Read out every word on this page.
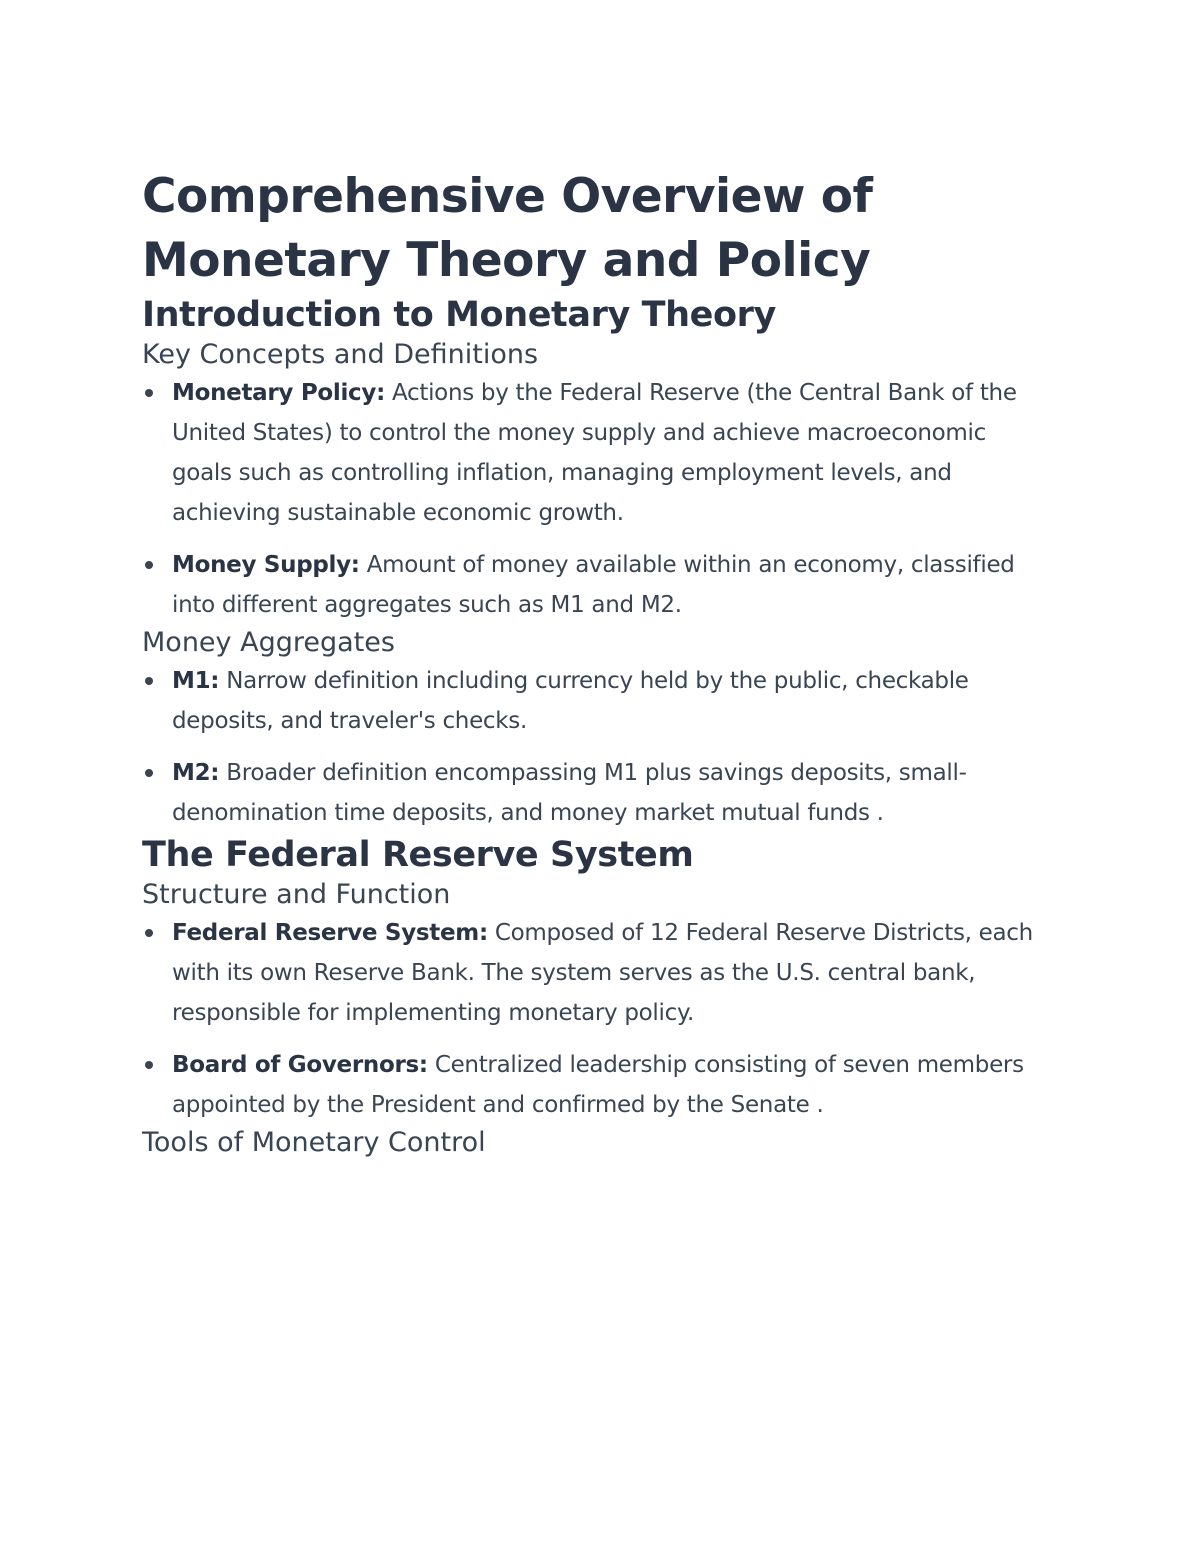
Comprehensive Overview of Monetary Theory and Policy
Introduction to Monetary Theory
Key Concepts and Definitions
Monetary Policy: Actions by the Federal Reserve (the Central Bank of the United States) to control the money supply and achieve macroeconomic goals such as controlling inflation, managing employment levels, and achieving sustainable economic growth.
Money Supply: Amount of money available within an economy, classified into different aggregates such as M1 and M2.
Money Aggregates
M1: Narrow definition including currency held by the public, checkable deposits, and traveler's checks.
M2: Broader definition encompassing M1 plus savings deposits, small-denomination time deposits, and money market mutual funds .
The Federal Reserve System
Structure and Function
Federal Reserve System: Composed of 12 Federal Reserve Districts, each with its own Reserve Bank. The system serves as the U.S. central bank, responsible for implementing monetary policy.
Board of Governors: Centralized leadership consisting of seven members appointed by the President and confirmed by the Senate .
Tools of Monetary Control
